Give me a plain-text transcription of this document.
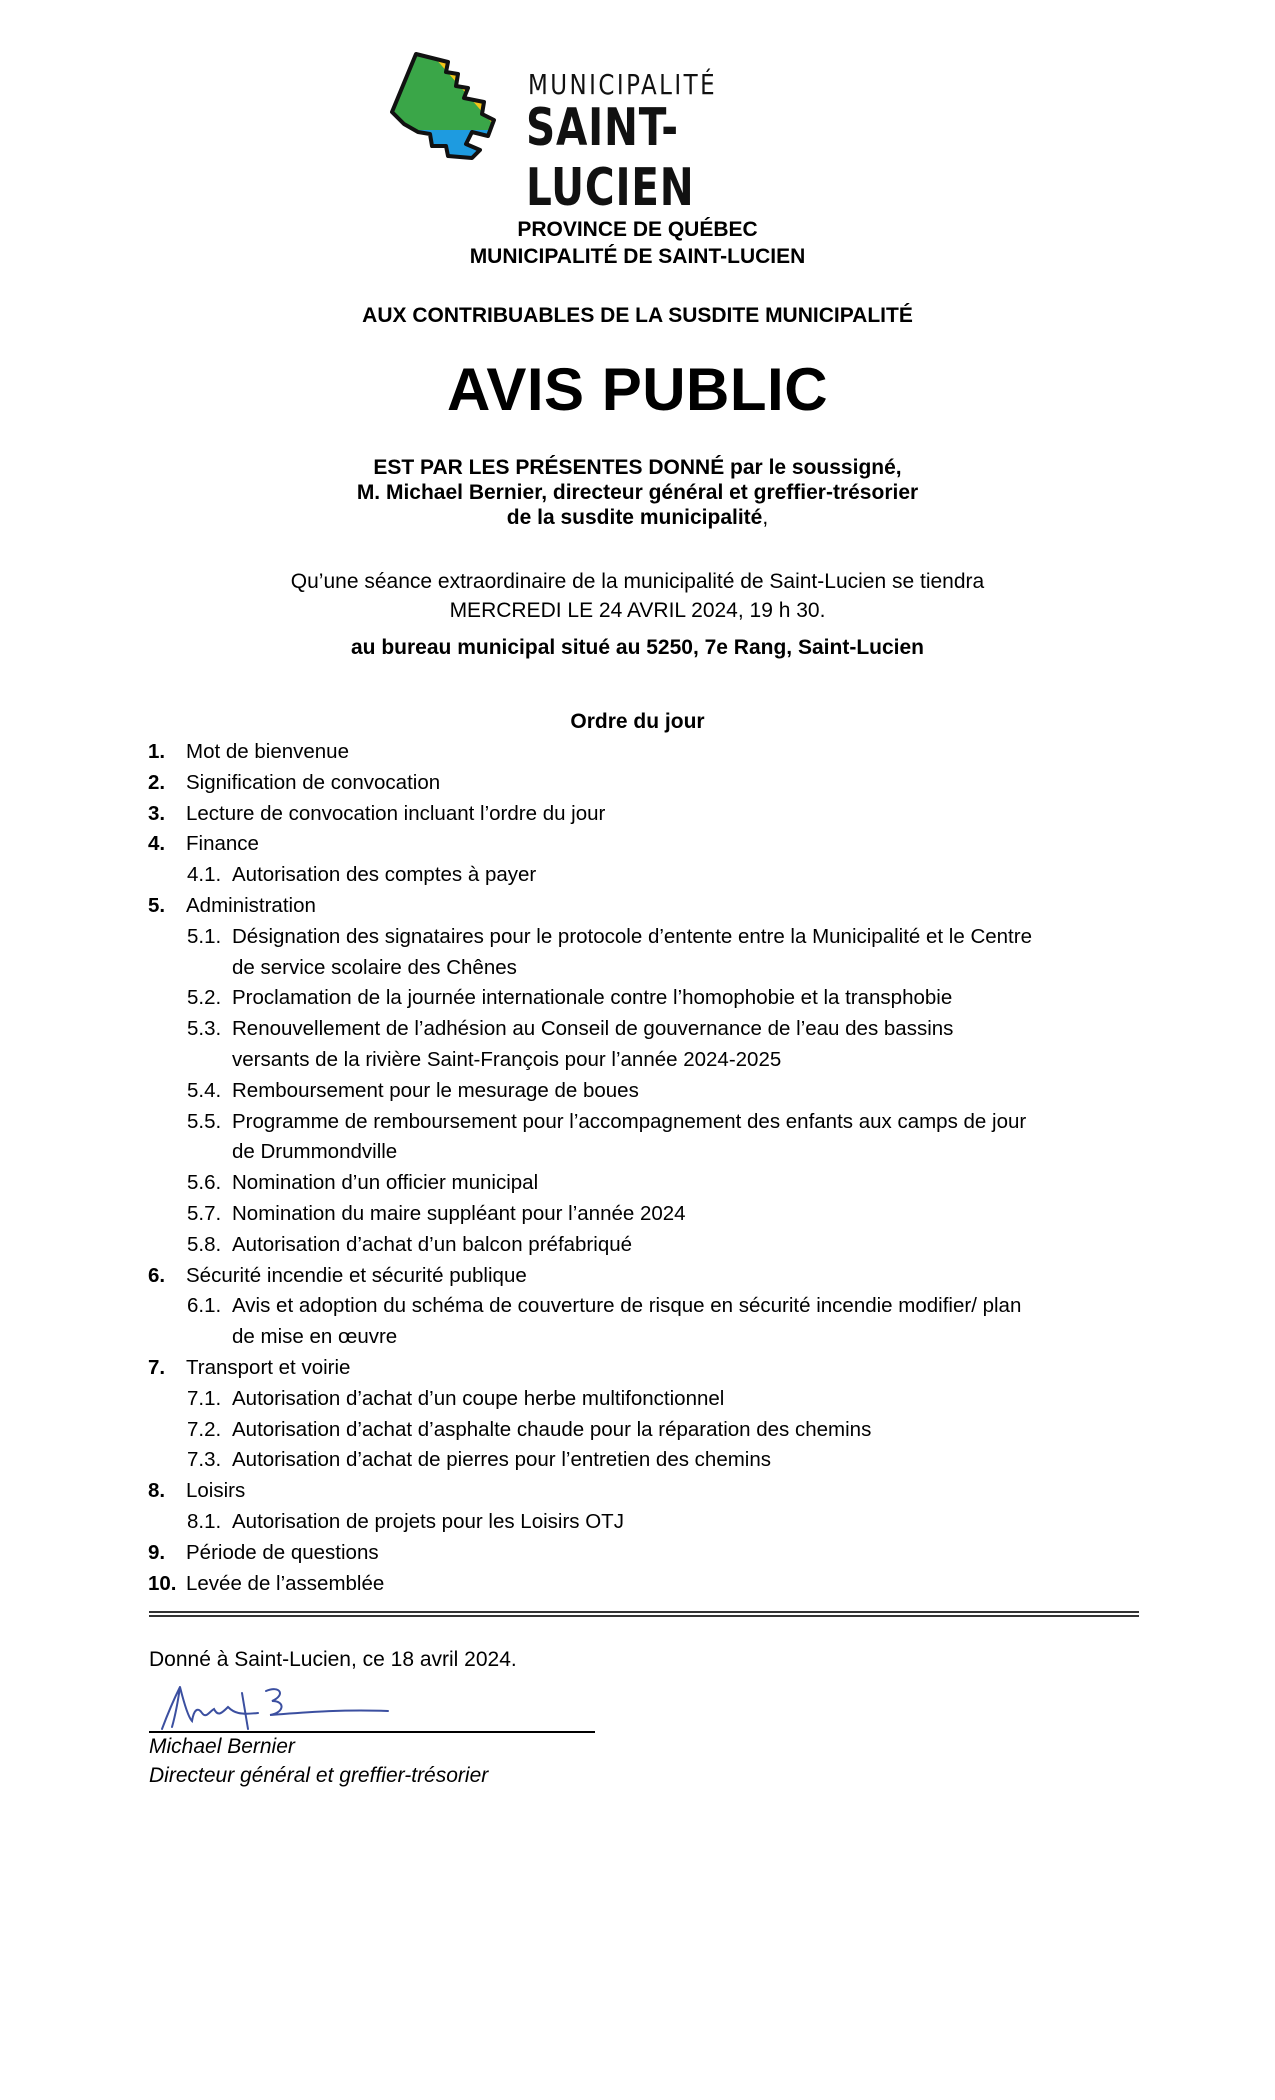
MUNICIPALITÉ
SAINT-LUCIEN
PROVINCE DE QUÉBEC
MUNICIPALITÉ DE SAINT-LUCIEN
AUX CONTRIBUABLES DE LA SUSDITE MUNICIPALITÉ
AVIS PUBLIC
EST PAR LES PRÉSENTES DONNÉ par le soussigné,
M. Michael Bernier, directeur général et greffier-trésorier
de la susdite municipalité,
Qu’une séance extraordinaire de la municipalité de Saint-Lucien se tiendra
MERCREDI LE 24 AVRIL 2024, 19 h 30.
au bureau municipal situé au 5250, 7e Rang, Saint-Lucien
Ordre du jour
1. Mot de bienvenue
2. Signification de convocation
3. Lecture de convocation incluant l’ordre du jour
4. Finance
4.1. Autorisation des comptes à payer
5. Administration
5.1. Désignation des signataires pour le protocole d’entente entre la Municipalité et le Centre
de service scolaire des Chênes
5.2. Proclamation de la journée internationale contre l’homophobie et la transphobie
5.3. Renouvellement de l’adhésion au Conseil de gouvernance de l’eau des bassins
versants de la rivière Saint-François pour l’année 2024-2025
5.4. Remboursement pour le mesurage de boues
5.5. Programme de remboursement pour l’accompagnement des enfants aux camps de jour
de Drummondville
5.6. Nomination d’un officier municipal
5.7. Nomination du maire suppléant pour l’année 2024
5.8. Autorisation d’achat d’un balcon préfabriqué
6. Sécurité incendie et sécurité publique
6.1. Avis et adoption du schéma de couverture de risque en sécurité incendie modifier/ plan
de mise en œuvre
7. Transport et voirie
7.1. Autorisation d’achat d’un coupe herbe multifonctionnel
7.2. Autorisation d’achat d’asphalte chaude pour la réparation des chemins
7.3. Autorisation d’achat de pierres pour l’entretien des chemins
8. Loisirs
8.1. Autorisation de projets pour les Loisirs OTJ
9. Période de questions
10. Levée de l’assemblée
Donné à Saint-Lucien, ce 18 avril 2024.
Michael Bernier
Directeur général et greffier-trésorier
